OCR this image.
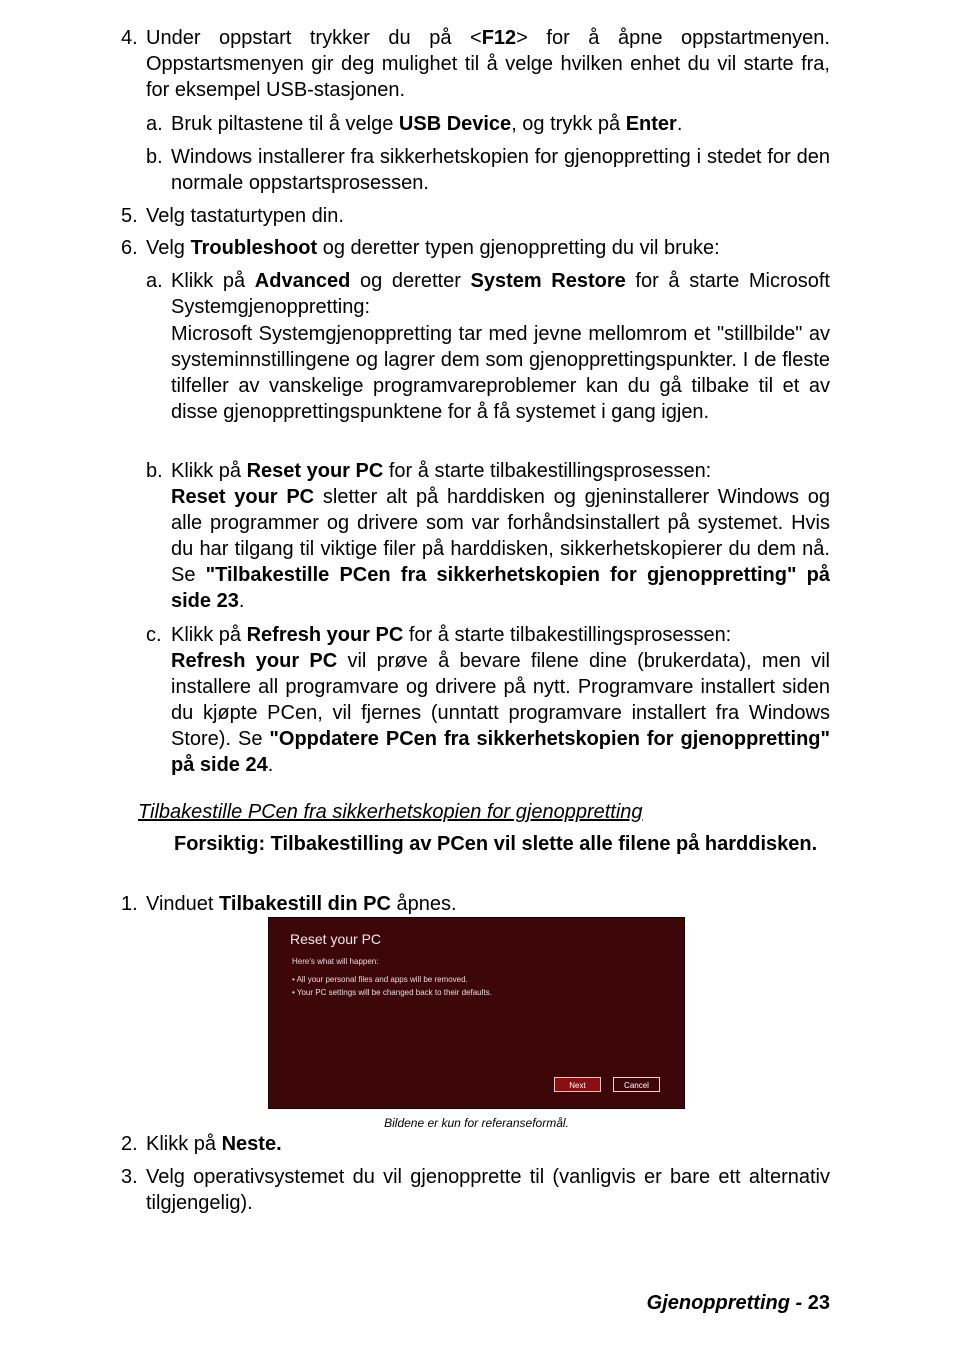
4. Under oppstart trykker du på <F12> for å åpne oppstartmenyen. Oppstartsmenyen gir deg mulighet til å velge hvilken enhet du vil starte fra, for eksempel USB-stasjonen.
a. Bruk piltastene til å velge USB Device, og trykk på Enter.
b. Windows installerer fra sikkerhetskopien for gjenoppretting i stedet for den normale oppstartsprosessen.
5. Velg tastaturtypen din.
6. Velg Troubleshoot og deretter typen gjenoppretting du vil bruke:
a. Klikk på Advanced og deretter System Restore for å starte Microsoft Systemgjenoppretting:
Microsoft Systemgjenoppretting tar med jevne mellomrom et "stillbilde" av systeminnstillingene og lagrer dem som gjenopprettingspunkter. I de fleste tilfeller av vanskelige programvareproblemer kan du gå tilbake til et av disse gjenopprettingspunktene for å få systemet i gang igjen.
b. Klikk på Reset your PC for å starte tilbakestillingsprosessen:
Reset your PC sletter alt på harddisken og gjeninstallerer Windows og alle programmer og drivere som var forhåndsinstallert på systemet. Hvis du har tilgang til viktige filer på harddisken, sikkerhetskopierer du dem nå. Se "Tilbakestille PCen fra sikkerhetskopien for gjenoppretting" på side 23.
c. Klikk på Refresh your PC for å starte tilbakestillingsprosessen:
Refresh your PC vil prøve å bevare filene dine (brukerdata), men vil installere all programvare og drivere på nytt. Programvare installert siden du kjøpte PCen, vil fjernes (unntatt programvare installert fra Windows Store). Se "Oppdatere PCen fra sikkerhetskopien for gjenoppretting" på side 24.
Tilbakestille PCen fra sikkerhetskopien for gjenoppretting
Forsiktig: Tilbakestilling av PCen vil slette alle filene på harddisken.
1. Vinduet Tilbakestill din PC åpnes.
Reset your PC
Here's what will happen:
• All your personal files and apps will be removed.
• Your PC settings will be changed back to their defaults.
Next	Cancel
Bildene er kun for referanseformål.
2. Klikk på Neste.
3. Velg operativsystemet du vil gjenopprette til (vanligvis er bare ett alternativ tilgjengelig).
Gjenoppretting - 23
